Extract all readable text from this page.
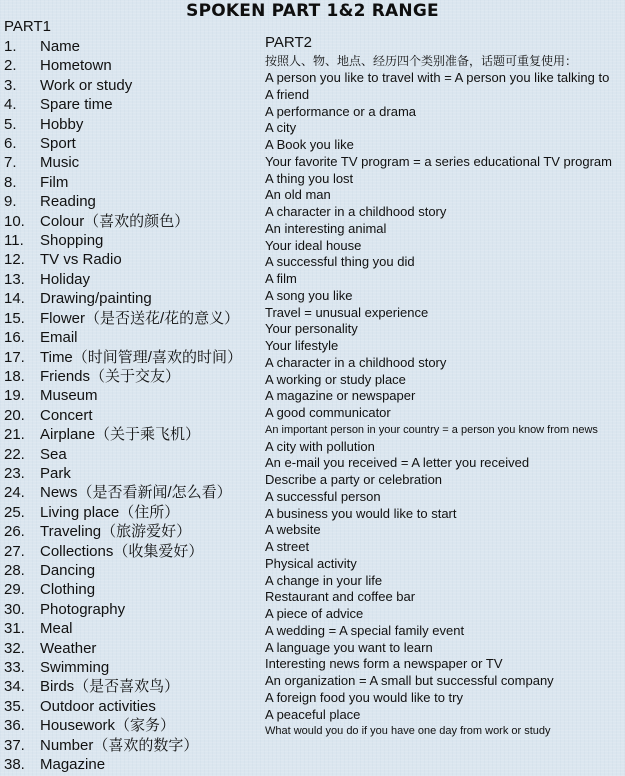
SPOKEN PART 1&2 RANGE
PART1
1.	Name
2.	Hometown
3.	Work or study
4.	Spare time
5.	Hobby
6.	Sport
7.	Music
8.	Film
9.	Reading
10.	Colour（喜欢的颜色）
11.	Shopping
12.	TV vs Radio
13.	Holiday
14.	Drawing/painting
15.	Flower（是否送花/花的意义）
16.	Email
17.	Time（时间管理/喜欢的时间）
18.	Friends（关于交友）
19.	Museum
20.	Concert
21.	Airplane（关于乘飞机）
22.	Sea
23.	Park
24.	News（是否看新闻/怎么看）
25.	Living place（住所）
26.	Traveling（旅游爱好）
27.	Collections（收集爱好）
28.	Dancing
29.	Clothing
30.	Photography
31.	Meal
32.	Weather
33.	Swimming
34.	Birds（是否喜欢鸟）
35.	Outdoor activities
36.	Housework（家务）
37.	Number（喜欢的数字）
38.	Magazine
PART2

按照人、物、地点、经历四个类别准备，话题可重复使用：

A person you like to travel with = A person you like talking to
A friend
A performance or a drama
A city
A Book you like
Your favorite TV program = a series educational TV program
A thing you lost
An old man
A character in a childhood story
An interesting animal
Your ideal house
A successful thing you did
A film
A song you like
Travel = unusual experience
Your personality
Your lifestyle
A character in a childhood story
A working or study place
A magazine or newspaper
A good communicator
An important person in your country = a person you know from news
A city with pollution
An e-mail you received = A letter you received
Describe a party or celebration
A successful person
A business you would like to start
A website
A street
Physical activity
A change in your life
Restaurant and coffee bar
A piece of advice
A wedding = A special family event
A language you want to learn
Interesting news form a newspaper or TV
An organization = A small but successful company
A foreign food you would like to try
A peaceful place
What would you do if you have one day from work or study
